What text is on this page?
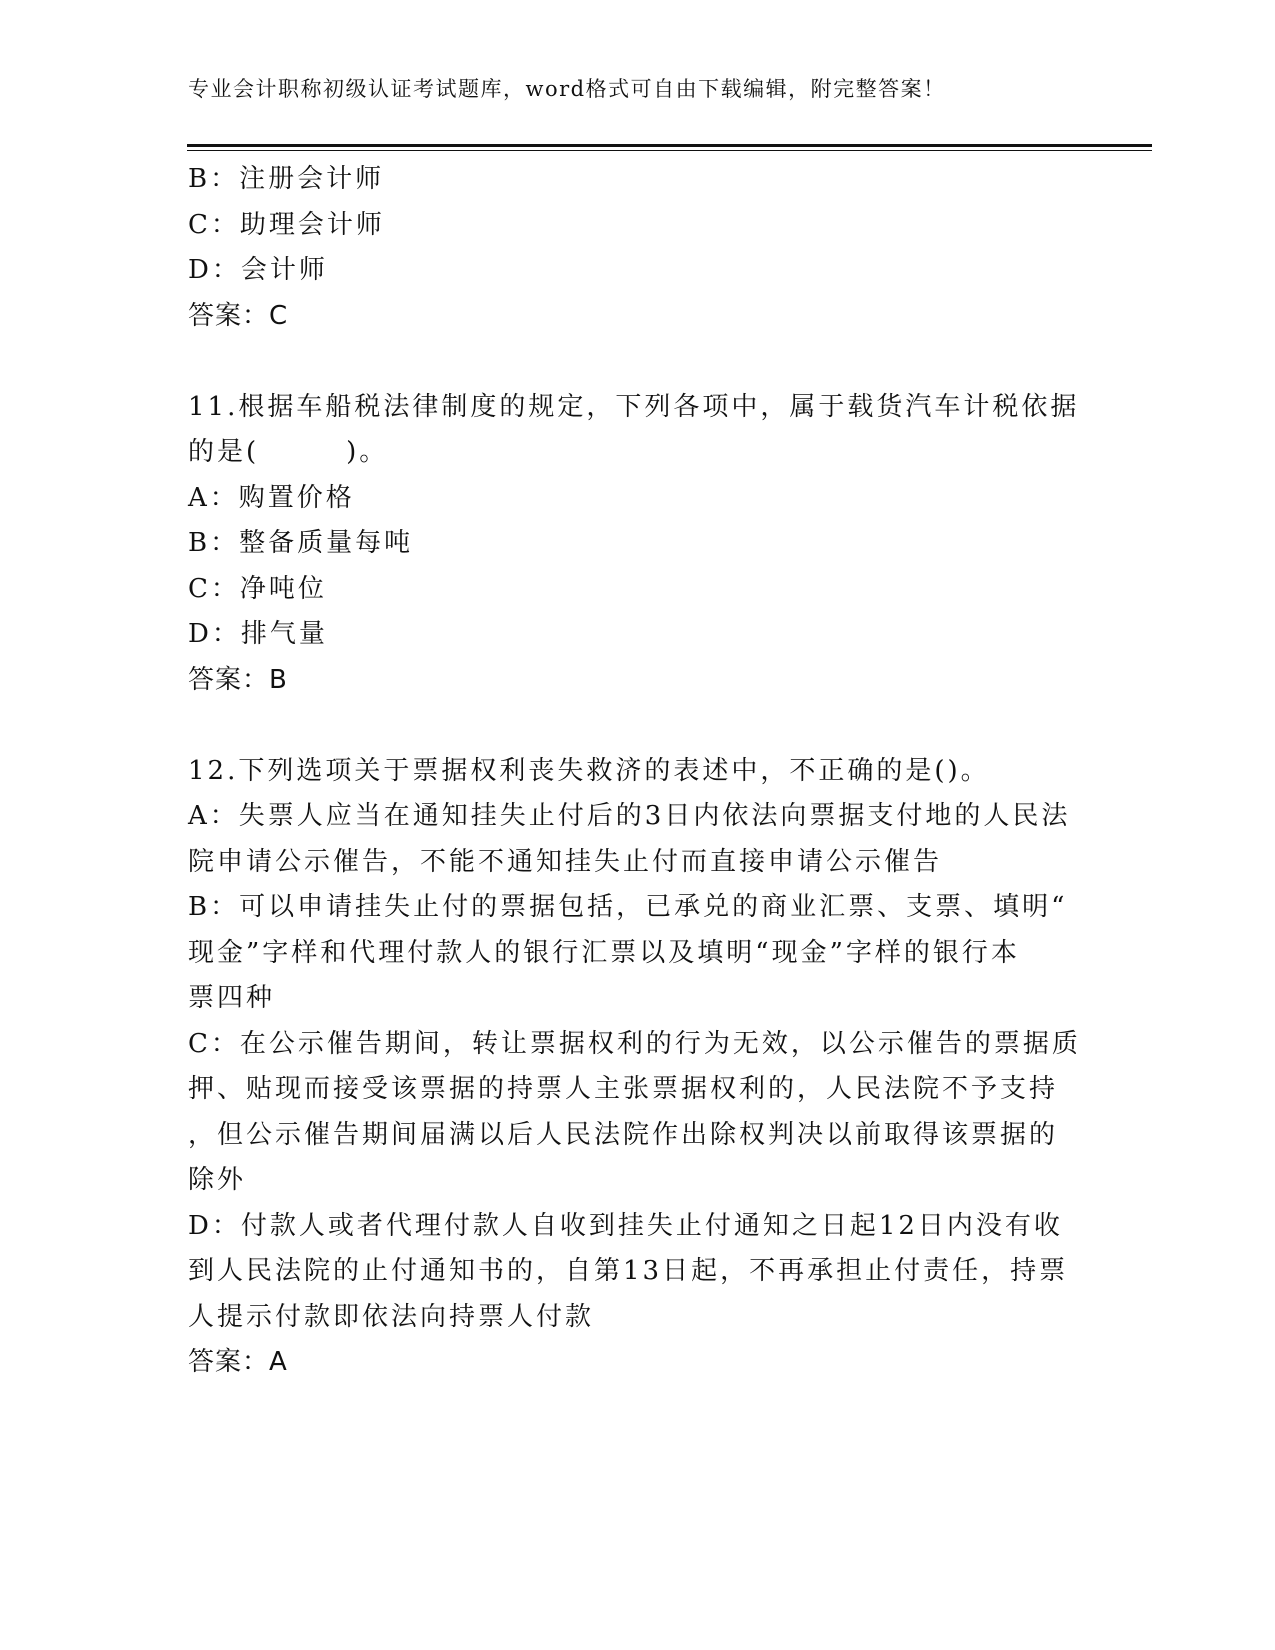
专业会计职称初级认证考试题库，word格式可自由下载编辑，附完整答案！
B：注册会计师
C：助理会计师
D：会计师
答案：C
11.根据车船税法律制度的规定，下列各项中，属于载货汽车计税依据
的是(　　　)。
A：购置价格
B：整备质量每吨
C：净吨位
D：排气量
答案：B
12.下列选项关于票据权利丧失救济的表述中，不正确的是()。
A：失票人应当在通知挂失止付后的3日内依法向票据支付地的人民法
院申请公示催告，不能不通知挂失止付而直接申请公示催告
B：可以申请挂失止付的票据包括，已承兑的商业汇票、支票、填明“
现金”字样和代理付款人的银行汇票以及填明“现金”字样的银行本
票四种
C：在公示催告期间，转让票据权利的行为无效，以公示催告的票据质
押、贴现而接受该票据的持票人主张票据权利的，人民法院不予支持
，但公示催告期间届满以后人民法院作出除权判决以前取得该票据的
除外
D：付款人或者代理付款人自收到挂失止付通知之日起12日内没有收
到人民法院的止付通知书的，自第13日起，不再承担止付责任，持票
人提示付款即依法向持票人付款
答案：A
